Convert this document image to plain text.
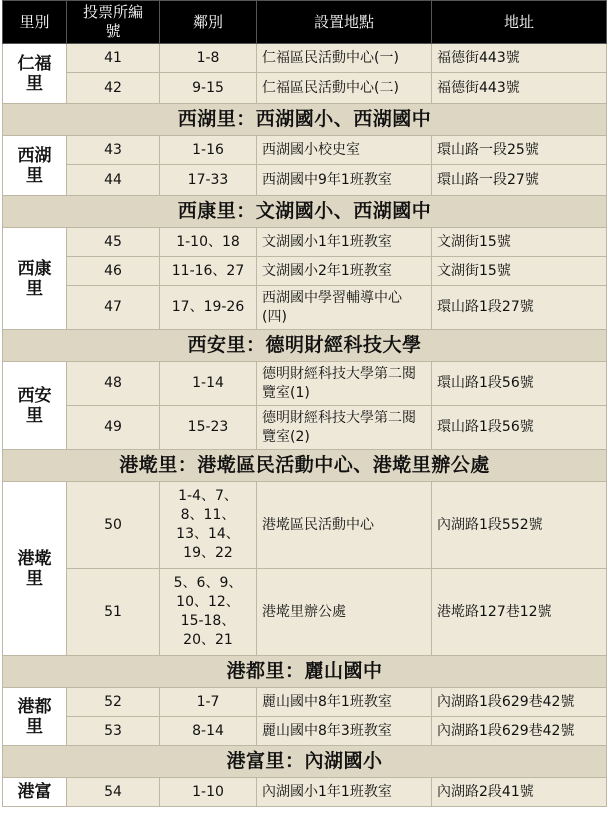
里別	投票所編
號	鄰別	設置地點	地址
仁福
里	41	1-8	仁福區民活動中心(一)	福德街443號
	42	9-15	仁福區民活動中心(二)	福德街443號
西湖里：西湖國小、西湖國中				
西湖
里	43	1-16	西湖國小校史室	環山路一段25號
	44	17-33	西湖國中9年1班教室	環山路一段27號
西康里：文湖國小、西湖國中				
西康
里	45	1-10、18	文湖國小1年1班教室	文湖街15號
	46	11-16、27	文湖國小2年1班教室	文湖街15號
	47	17、19-26	西湖國中學習輔導中心(四)	環山路1段27號
西安里：德明財經科技大學				
西安
里	48	1-14	德明財經科技大學第二閱覽室(1)	環山路1段56號
	49	15-23	德明財經科技大學第二閱覽室(2)	環山路1段56號
港墘里：港墘區民活動中心、港墘里辦公處				
港墘
里	50	1-4、7、
8、11、
13、14、
19、22	港墘區民活動中心	內湖路1段552號
	51	5、6、9、
10、12、
15-18、
20、21	港墘里辦公處	港墘路127巷12號
港都里：麗山國中				
港都
里	52	1-7	麗山國中8年1班教室	內湖路1段629巷42號
	53	8-14	麗山國中8年3班教室	內湖路1段629巷42號
港富里：內湖國小				
港富	54	1-10	內湖國小1年1班教室	內湖路2段41號
